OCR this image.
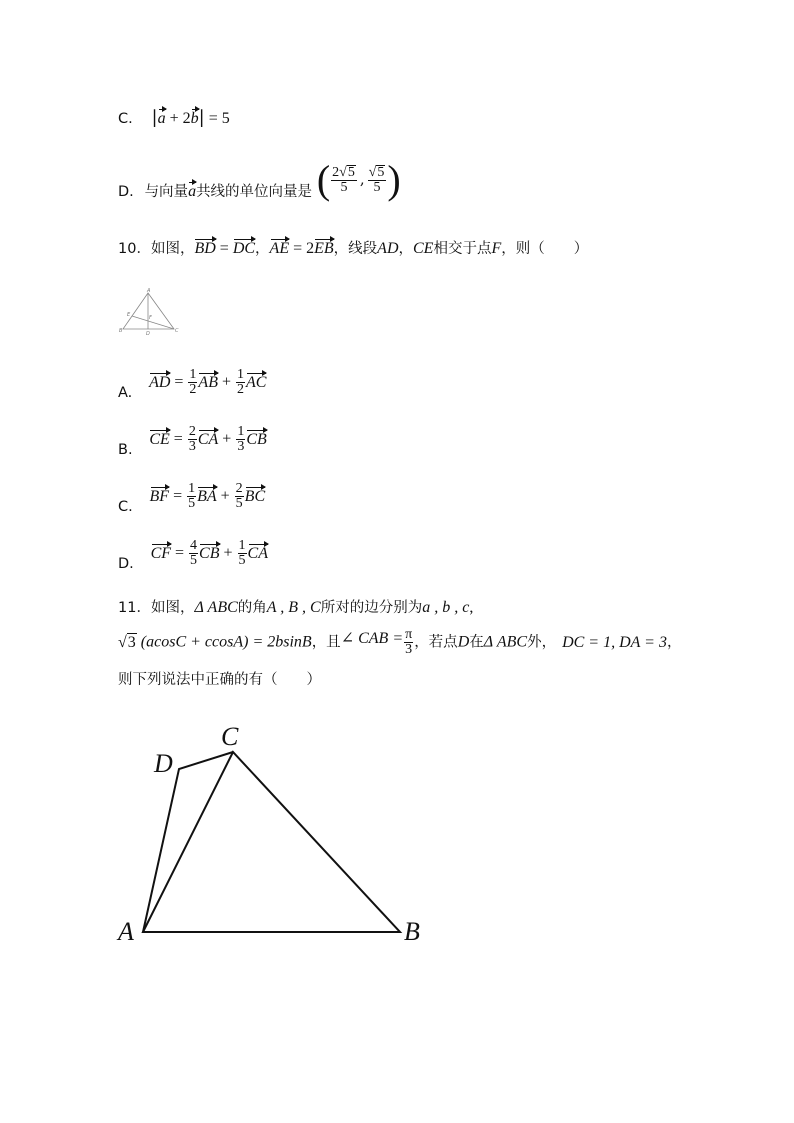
C. |a + 2b| = 5
D. 与向量a共线的单位向量是 ( $\frac{2√5}{5}$ , $\frac{√5}{5}$ )
10．如图，BD = DC，AE = 2EB，线段AD，CE相交于点F，则（　　）
A
E	F
B	D	C
A. AD = $\frac{1}{2}$ AB + $\frac{1}{2}$ AC
B. CE = $\frac{2}{3}$ CA + $\frac{1}{3}$ CB
C. BF = $\frac{1}{5}$ BA + $\frac{2}{5}$ BC
D. CF = $\frac{4}{5}$ CB + $\frac{1}{5}$ CA
11．如图，Δ ABC的角A , B , C所对的边分别为a , b , c,
√3 (acosC + ccosA) = 2bsinB，且∠ CAB = $\frac{\pi}{3}$ ，若点D在Δ ABC外， DC = 1, DA = 3，
则下列说法中正确的有（　　）
C
D
A	B
